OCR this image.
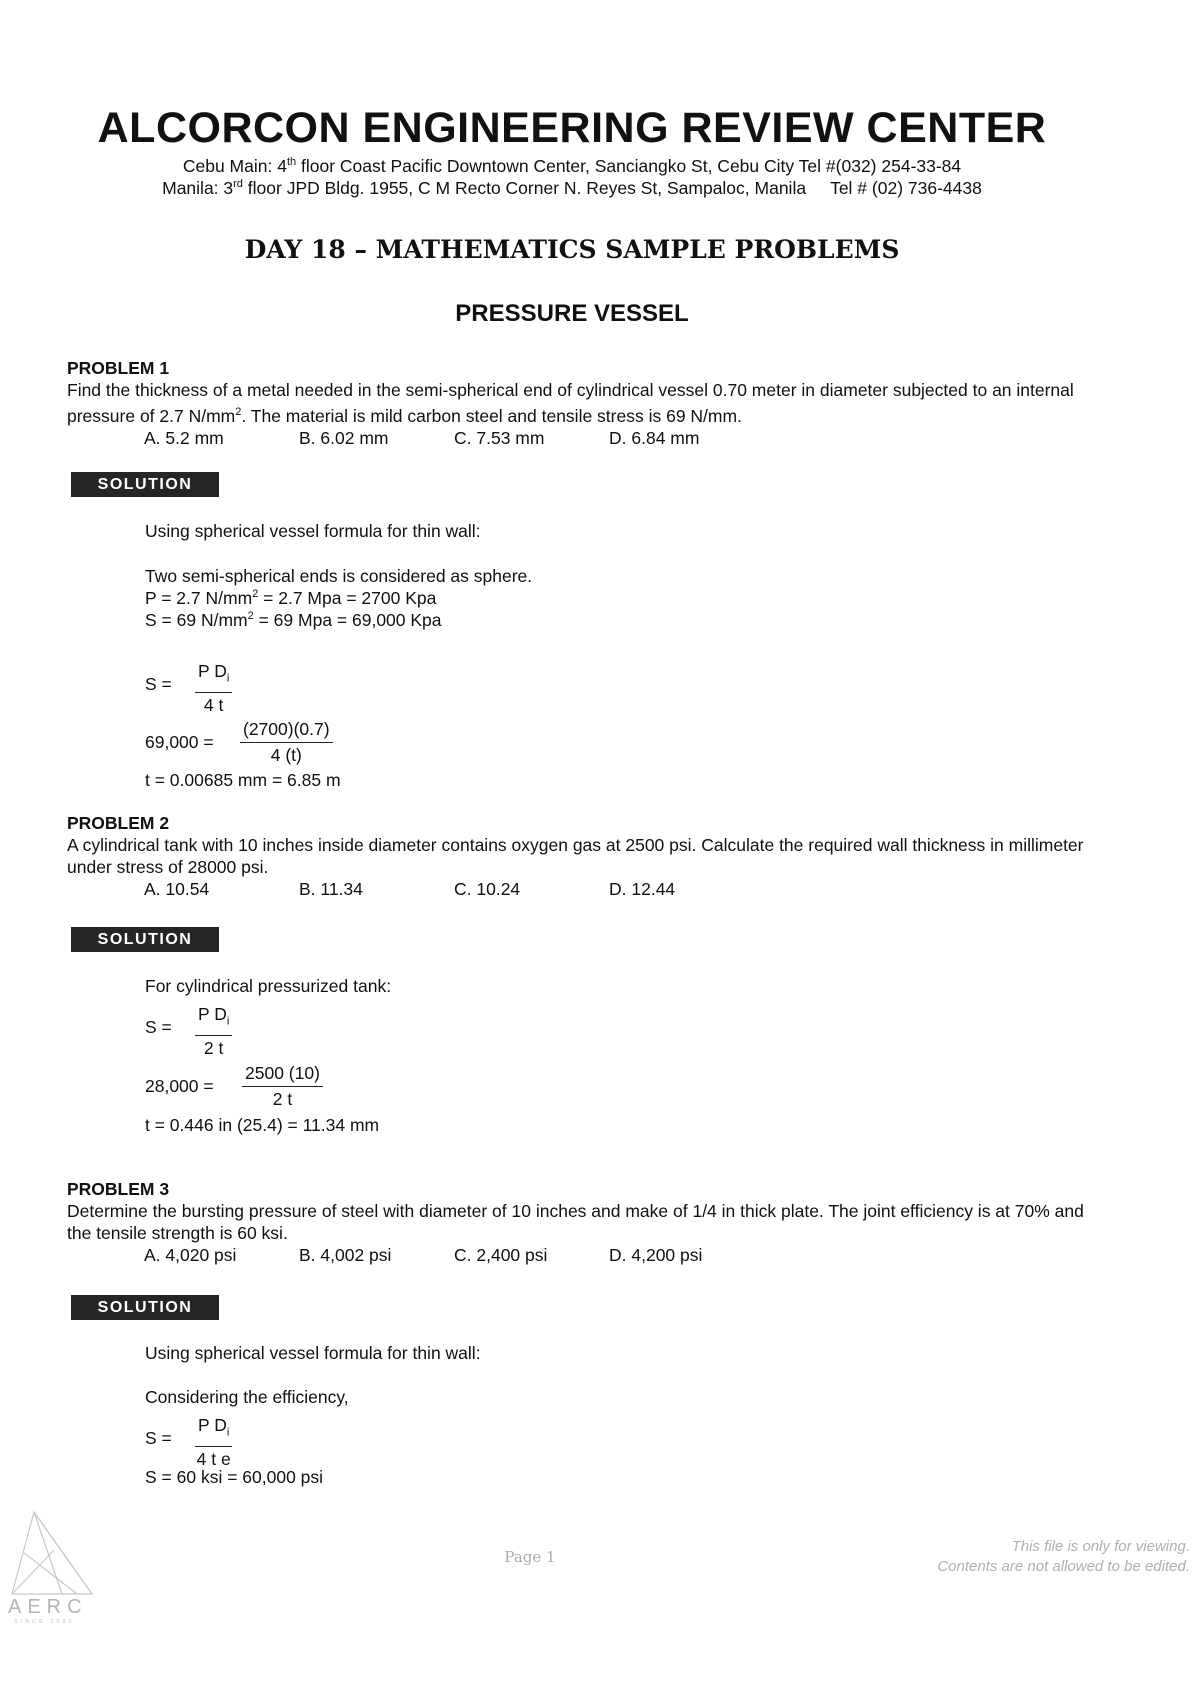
ALCORCON ENGINEERING REVIEW CENTER
Cebu Main: 4th floor Coast Pacific Downtown Center, Sanciangko St, Cebu City Tel #(032) 254-33-84
Manila: 3rd floor JPD Bldg. 1955, C M Recto Corner N. Reyes St, Sampaloc, Manila Tel # (02) 736-4438
DAY 18 – MATHEMATICS SAMPLE PROBLEMS
PRESSURE VESSEL
PROBLEM 1
Find the thickness of a metal needed in the semi-spherical end of cylindrical vessel 0.70 meter in diameter subjected to an internal pressure of 2.7 $N/mm^2$. The material is mild carbon steel and tensile stress is 69 N/mm.
A. 5.2 mm	B. 6.02 mm	C. 7.53 mm	D. 6.84 mm
SOLUTION
Using spherical vessel formula for thin wall:
Two semi-spherical ends is considered as sphere.
P = 2.7 $N/mm^2 = 2.7$ Mpa = 2700 Kpa
S = 69 $N/mm^2 = 69$ Mpa = 69,000 Kpa
$S = \frac{P D_i}{4 t}$
$69,000 = \frac{(2700)(0.7)}{4 (t)}$
t = 0.00685 mm = 6.85 m
PROBLEM 2
A cylindrical tank with 10 inches inside diameter contains oxygen gas at 2500 psi. Calculate the required wall thickness in millimeter under stress of 28000 psi.
A. 10.54	B. 11.34	C. 10.24	D. 12.44
SOLUTION
For cylindrical pressurized tank:
$S = \frac{P D_i}{2 t}$
$28,000 = \frac{2500 (10)}{2 t}$
t = 0.446 in (25.4) = 11.34 mm
PROBLEM 3
Determine the bursting pressure of steel with diameter of 10 inches and make of 1/4 in thick plate. The joint efficiency is at 70% and the tensile strength is 60 ksi.
A. 4,020 psi	B. 4,002 psi	C. 2,400 psi	D. 4,200 psi
SOLUTION
Using spherical vessel formula for thin wall:
Considering the efficiency,
$S = \frac{P D_i}{\text{4 t e}}$
S = 60 ksi = 60,000 psi
AERC
SINCE 1990
Page 1
This file is only for viewing.
Contents are not allowed to be edited.
